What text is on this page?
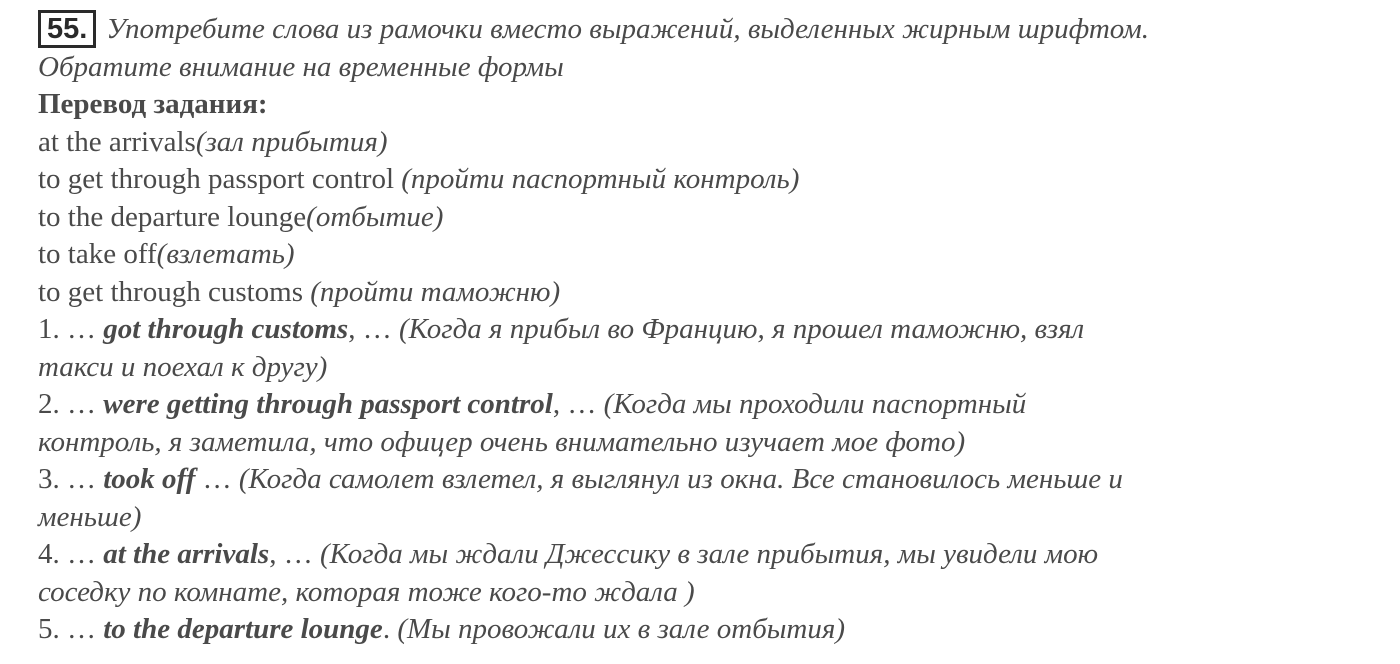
55. Употребите слова из рамочки вместо выражений, выделенных жирным шрифтом.
Обратите внимание на временные формы
Перевод задания:
at the arrivals(зал прибытия)
to get through passport control (пройти паспортный контроль)
to the departure lounge(отбытие)
to take off(взлетать)
to get through customs (пройти таможню)
1. … got through customs, … (Когда я прибыл во Францию, я прошел таможню, взял
такси и поехал к другу)
2. … were getting through passport control, … (Когда мы проходили паспортный
контроль, я заметила, что офицер очень внимательно изучает мое фото)
3. … took off … (Когда самолет взлетел, я выглянул из окна. Все становилось меньше и
меньше)
4. … at the arrivals, … (Когда мы ждали Джессику в зале прибытия, мы увидели мою
соседку по комнате, которая тоже кого-то ждала )
5. … to the departure lounge. (Мы провожали их в зале отбытия)
